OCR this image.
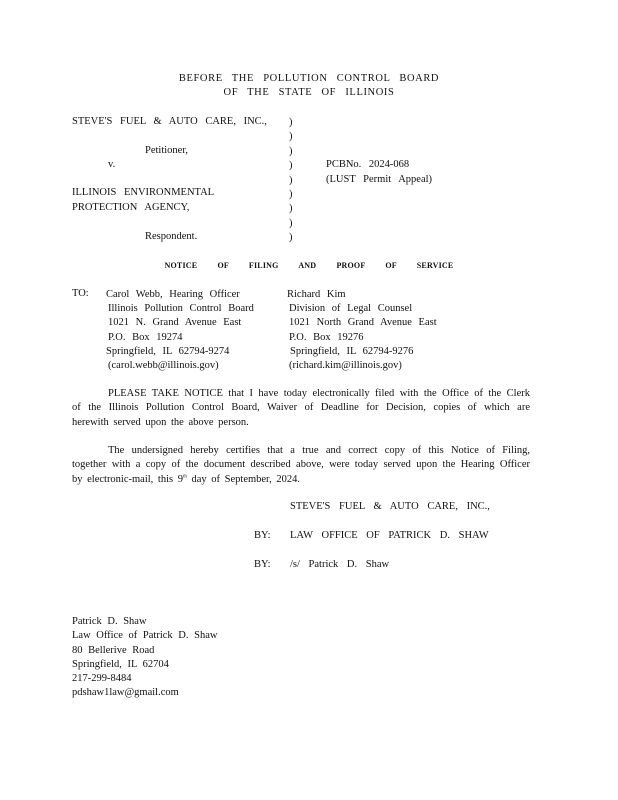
BEFORE THE POLLUTION CONTROL BOARD
OF THE STATE OF ILLINOIS
STEVE'S FUEL & AUTO CARE, INC.,
Petitioner,
v.
ILLINOIS ENVIRONMENTAL
PROTECTION AGENCY,
Respondent.
)
)
)
)
)
)
)
)
)
PCBNo. 2024-068
(LUST Permit Appeal)
NOTICE OF FILING AND PROOF OF SERVICE
TO: Carol Webb, Hearing Officer
Illinois Pollution Control Board
1021 N. Grand Avenue East
P.O. Box 19274
Springfield, IL 62794-9274
(carol.webb@illinois.gov)
Richard Kim
Division of Legal Counsel
1021 North Grand Avenue East
P.O. Box 19276
Springfield, IL 62794-9276
(richard.kim@illinois.gov)
PLEASE TAKE NOTICE that I have today electronically filed with the Office of the Clerk of the Illinois Pollution Control Board, Waiver of Deadline for Decision, copies of which are herewith served upon the above person.
The undersigned hereby certifies that a true and correct copy of this Notice of Filing, together with a copy of the document described above, were today served upon the Hearing Officer by electronic-mail, this 9th day of September, 2024.
STEVE'S FUEL & AUTO CARE, INC.,
BY: LAW OFFICE OF PATRICK D. SHAW
BY: /s/ Patrick D. Shaw
Patrick D. Shaw
Law Office of Patrick D. Shaw
80 Bellerive Road
Springfield, IL 62704
217-299-8484
pdshaw1law@gmail.com
